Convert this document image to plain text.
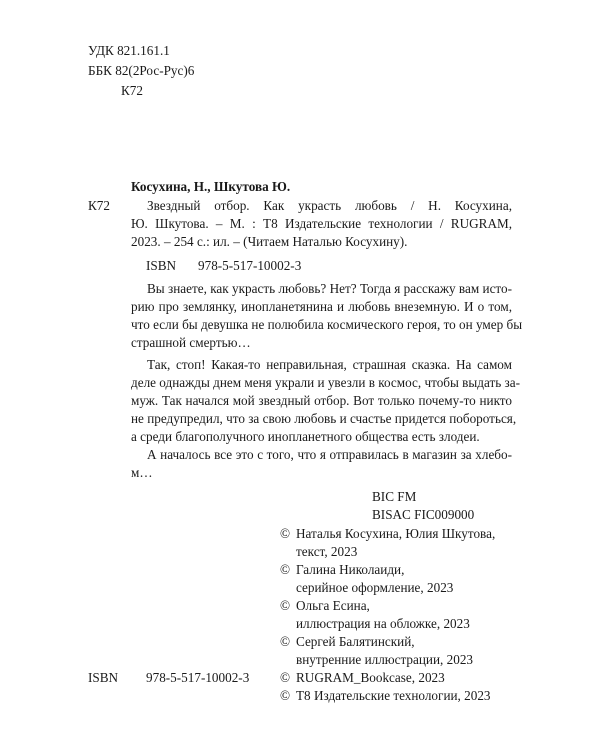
УДК 821.161.1
ББК 82(2Рос-Рус)6
К72
Косухина, Н., Шкутова Ю.
К72	Звездный отбор. Как украсть любовь / Н. Косухина,
Ю. Шкутова. – М. : Т8 Издательские технологии / RUGRAM,
2023. – 254 с.: ил. – (Читаем Наталью Косухину).
ISBN 978-5-517-10002-3
Вы знаете, как украсть любовь? Нет? Тогда я расскажу вам исто-
рию про землянку, инопланетянина и любовь внеземную. И о том,
что если бы девушка не полюбила космического героя, то он умер бы
страшной смертью…
Так, стоп! Какая-то неправильная, страшная сказка. На самом
деле однажды днем меня украли и увезли в космос, чтобы выдать за-
муж. Так начался мой звездный отбор. Вот только почему-то никто
не предупредил, что за свою любовь и счастье придется побороться,
а среди благополучного инопланетного общества есть злодеи.
А началось все это с того, что я отправилась в магазин за хлебо-
м…
BIC FM
BISAC FIC009000
© Наталья Косухина, Юлия Шкутова,
текст, 2023
© Галина Николаиди,
серийное оформление, 2023
© Ольга Есина,
иллюстрация на обложке, 2023
© Сергей Балятинский,
внутренние иллюстрации, 2023
© RUGRAM_Bookcase, 2023
© Т8 Издательские технологии, 2023
ISBN 978-5-517-10002-3
